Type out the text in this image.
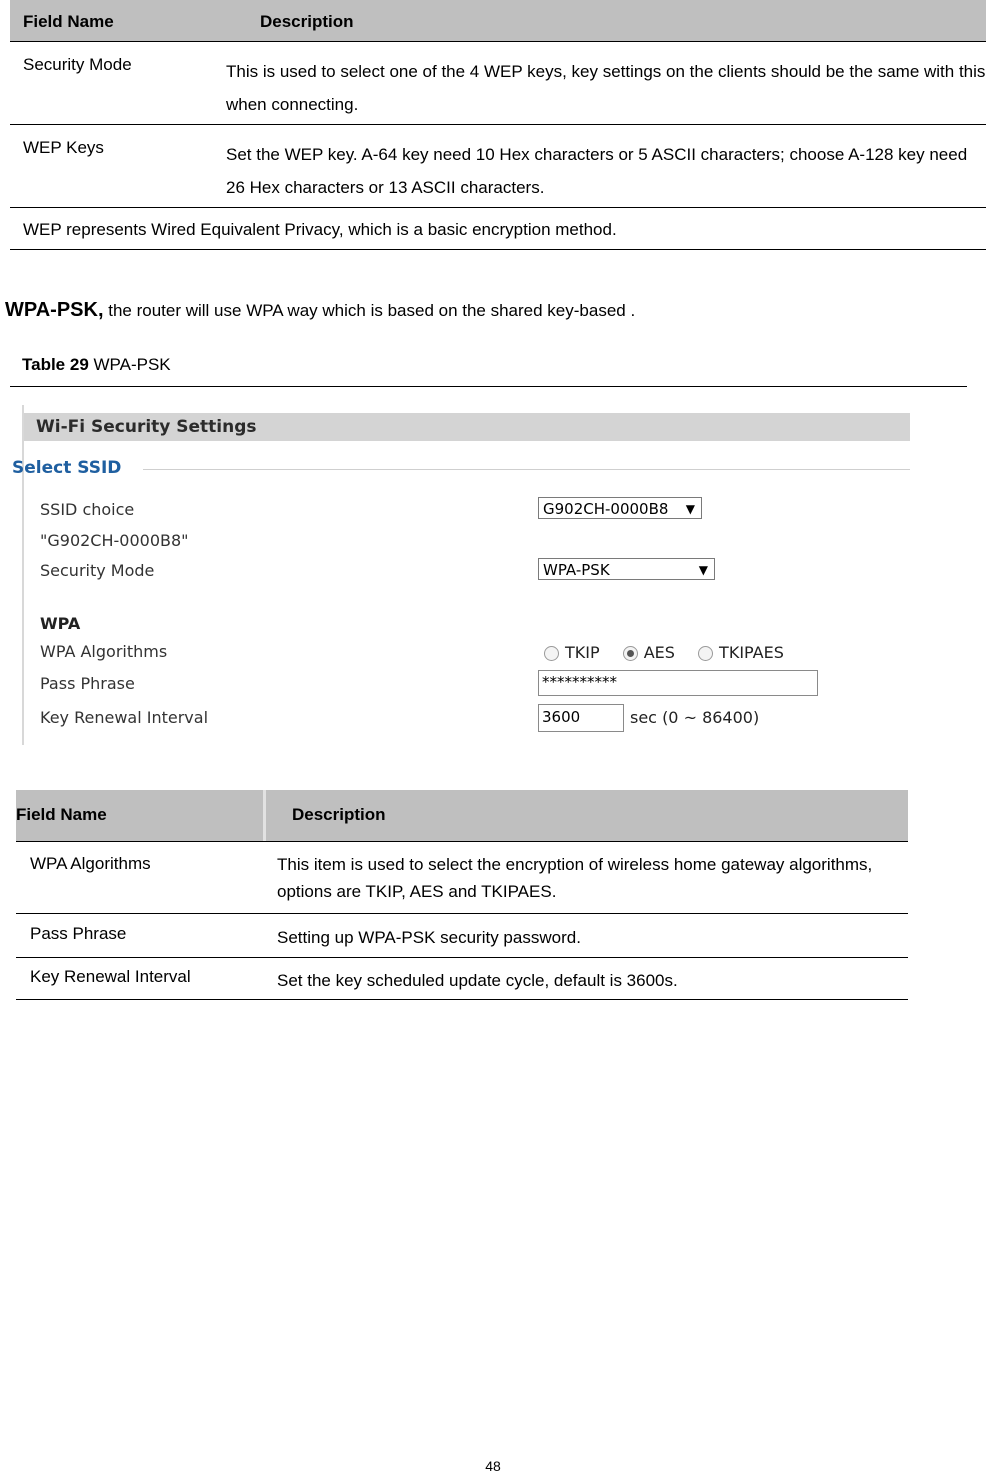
Field Name	Description
Security Mode	This is used to select one of the 4 WEP keys, key settings on the clients should be the same with this when connecting.
WEP Keys	Set the WEP key. A-64 key need 10 Hex characters or 5 ASCII characters; choose A-128 key need 26 Hex characters or 13 ASCII characters.
WEP represents Wired Equivalent Privacy, which is a basic encryption method.
WPA-PSK, the router will use WPA way which is based on the shared key-based .
Table 29 WPA-PSK
Wi-Fi Security Settings
Select SSID
SSID choice	G902CH-0000B8 ▼
"G902CH-0000B8"
Security Mode	WPA-PSK	▼
WPA
WPA Algorithms	TKIP	AES	TKIPAES
Pass Phrase	**********
Key Renewal Interval	3600	sec (0 ~ 86400)
Field Name	Description
WPA Algorithms	This item is used to select the encryption of wireless home gateway algorithms, options are TKIP, AES and TKIPAES.
Pass Phrase	Setting up WPA-PSK security password.
Key Renewal Interval	Set the key scheduled update cycle, default is 3600s.
48
